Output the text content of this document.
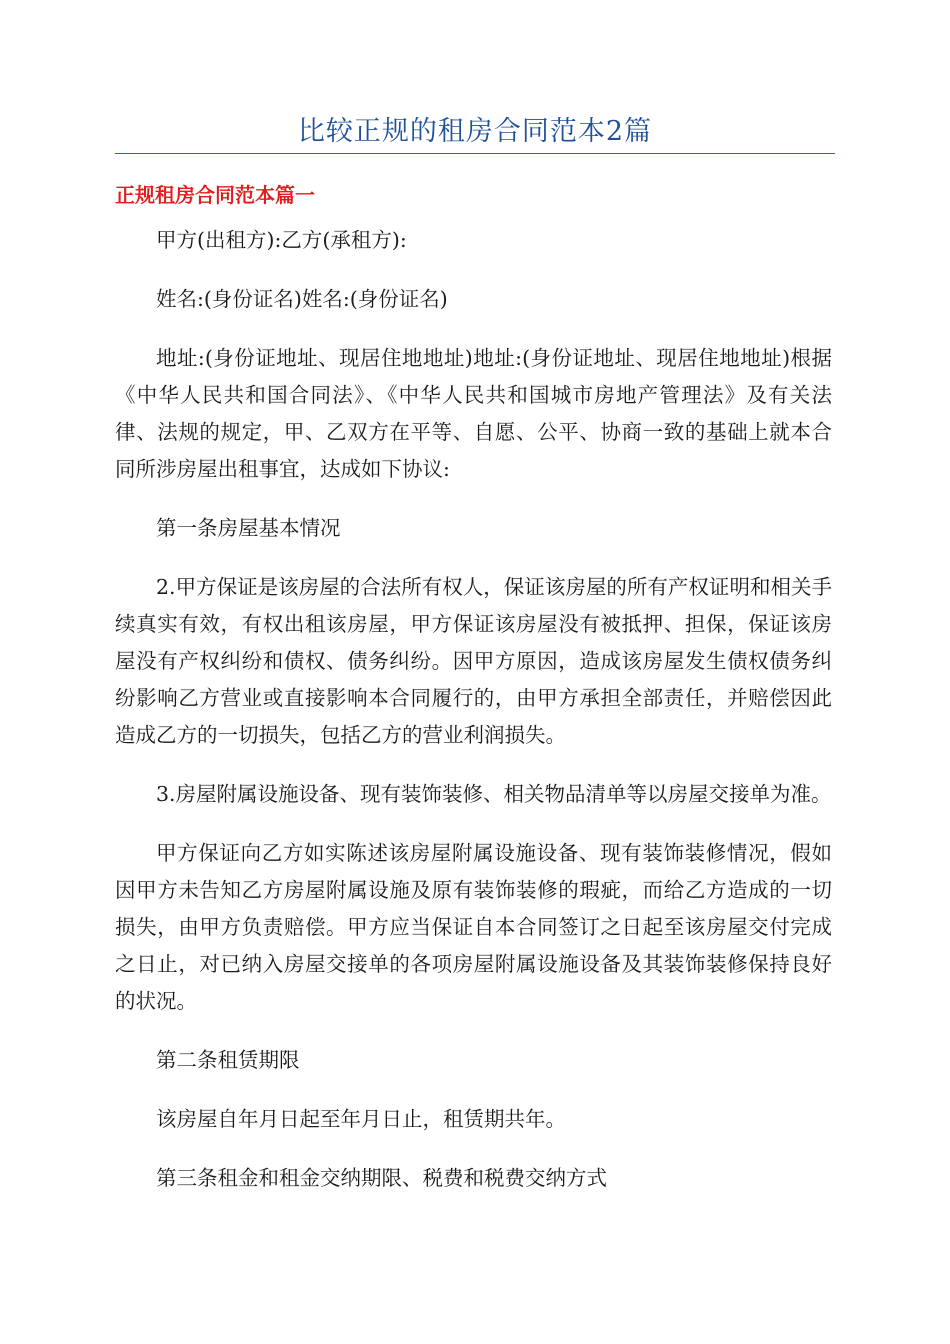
比较正规的租房合同范本2篇
正规租房合同范本篇一

甲方(出租方):乙方(承租方):

姓名:(身份证名)姓名:(身份证名)

地址:(身份证地址、现居住地地址)地址:(身份证地址、现居住地地址)根据《中华人民共和国合同法》、《中华人民共和国城市房地产管理法》及有关法律、法规的规定，甲、乙双方在平等、自愿、公平、协商一致的基础上就本合同所涉房屋出租事宜，达成如下协议:

第一条房屋基本情况

2.甲方保证是该房屋的合法所有权人，保证该房屋的所有产权证明和相关手续真实有效，有权出租该房屋，甲方保证该房屋没有被抵押、担保，保证该房屋没有产权纠纷和债权、债务纠纷。因甲方原因，造成该房屋发生债权债务纠纷影响乙方营业或直接影响本合同履行的，由甲方承担全部责任，并赔偿因此造成乙方的一切损失，包括乙方的营业利润损失。

3.房屋附属设施设备、现有装饰装修、相关物品清单等以房屋交接单为准。

甲方保证向乙方如实陈述该房屋附属设施设备、现有装饰装修情况，假如因甲方未告知乙方房屋附属设施及原有装饰装修的瑕疵，而给乙方造成的一切损失，由甲方负责赔偿。甲方应当保证自本合同签订之日起至该房屋交付完成之日止，对已纳入房屋交接单的各项房屋附属设施设备及其装饰装修保持良好的状况。

第二条租赁期限

该房屋自年月日起至年月日止，租赁期共年。

第三条租金和租金交纳期限、税费和税费交纳方式
